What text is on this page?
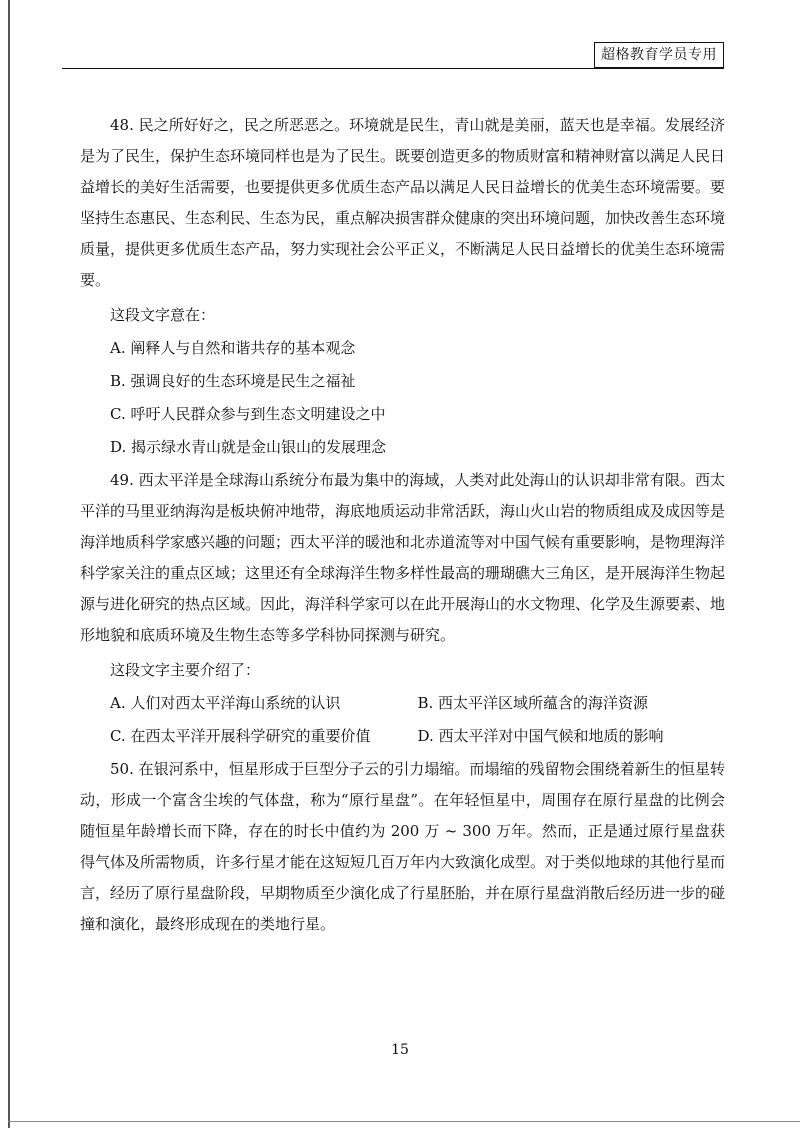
超格教育学员专用

48. 民之所好好之，民之所恶恶之。环境就是民生，青山就是美丽，蓝天也是幸福。发展经济是为了民生，保护生态环境同样也是为了民生。既要创造更多的物质财富和精神财富以满足人民日益增长的美好生活需要，也要提供更多优质生态产品以满足人民日益增长的优美生态环境需要。要坚持生态惠民、生态利民、生态为民，重点解决损害群众健康的突出环境问题，加快改善生态环境质量，提供更多优质生态产品，努力实现社会公平正义，不断满足人民日益增长的优美生态环境需要。

这段文字意在：

A. 阐释人与自然和谐共存的基本观念
B. 强调良好的生态环境是民生之福祉
C. 呼吁人民群众参与到生态文明建设之中
D. 揭示绿水青山就是金山银山的发展理念

49. 西太平洋是全球海山系统分布最为集中的海域，人类对此处海山的认识却非常有限。西太平洋的马里亚纳海沟是板块俯冲地带，海底地质运动非常活跃，海山火山岩的物质组成及成因等是海洋地质科学家感兴趣的问题；西太平洋的暖池和北赤道流等对中国气候有重要影响，是物理海洋科学家关注的重点区域；这里还有全球海洋生物多样性最高的珊瑚礁大三角区，是开展海洋生物起源与进化研究的热点区域。因此，海洋科学家可以在此开展海山的水文物理、化学及生源要素、地形地貌和底质环境及生物生态等多学科协同探测与研究。

这段文字主要介绍了：

A. 人们对西太平洋海山系统的认识	B. 西太平洋区域所蕴含的海洋资源
C. 在西太平洋开展科学研究的重要价值	D. 西太平洋对中国气候和地质的影响

50. 在银河系中，恒星形成于巨型分子云的引力塌缩。而塌缩的残留物会围绕着新生的恒星转动，形成一个富含尘埃的气体盘，称为“原行星盘”。在年轻恒星中，周围存在原行星盘的比例会随恒星年龄增长而下降，存在的时长中值约为 200 万 ~ 300 万年。然而，正是通过原行星盘获得气体及所需物质，许多行星才能在这短短几百万年内大致演化成型。对于类似地球的其他行星而言，经历了原行星盘阶段，早期物质至少演化成了行星胚胎，并在原行星盘消散后经历进一步的碰撞和演化，最终形成现在的类地行星。

15
